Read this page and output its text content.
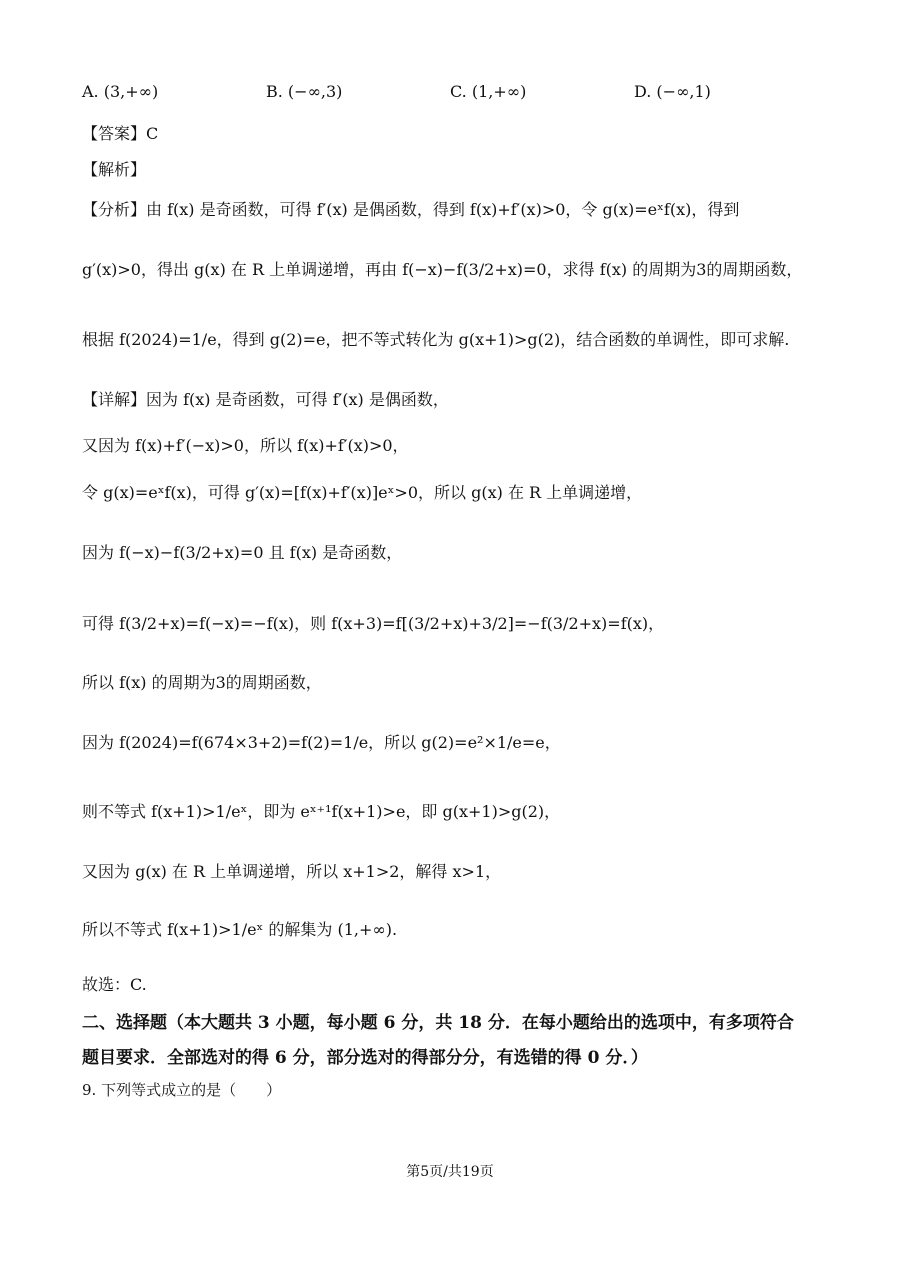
A. (3,+∞)	B. (−∞,3)	C. (1,+∞)	D. (−∞,1)
【答案】C
【解析】
【分析】由 f(x) 是奇函数，可得 f′(x) 是偶函数，得到 f(x)+f′(x)>0，令 g(x)=eˣf(x)，得到
g′(x)>0，得出 g(x) 在 R 上单调递增，再由 f(−x)−f(3/2+x)=0，求得 f(x) 的周期为3的周期函数，
根据 f(2024)=1/e，得到 g(2)=e，把不等式转化为 g(x+1)>g(2)，结合函数的单调性，即可求解.
【详解】因为 f(x) 是奇函数，可得 f′(x) 是偶函数，
又因为 f(x)+f′(−x)>0，所以 f(x)+f′(x)>0，
令 g(x)=eˣf(x)，可得 g′(x)=[f(x)+f′(x)]eˣ>0，所以 g(x) 在 R 上单调递增，
因为 f(−x)−f(3/2+x)=0 且 f(x) 是奇函数，
可得 f(3/2+x)=f(−x)=−f(x)，则 f(x+3)=f[(3/2+x)+3/2]=−f(3/2+x)=f(x)，
所以 f(x) 的周期为3的周期函数，
因为 f(2024)=f(674×3+2)=f(2)=1/e，所以 g(2)=e²×1/e=e，
则不等式 f(x+1)>1/eˣ，即为 eˣ⁺¹f(x+1)>e，即 g(x+1)>g(2)，
又因为 g(x) 在 R 上单调递增，所以 x+1>2，解得 x>1，
所以不等式 f(x+1)>1/eˣ 的解集为 (1,+∞).
故选：C.
二、选择题（本大题共 3 小题，每小题 6 分，共 18 分．在每小题给出的选项中，有多项符合
题目要求．全部选对的得 6 分，部分选对的得部分分，有选错的得 0 分．）
9. 下列等式成立的是（　　）
第5页/共19页
